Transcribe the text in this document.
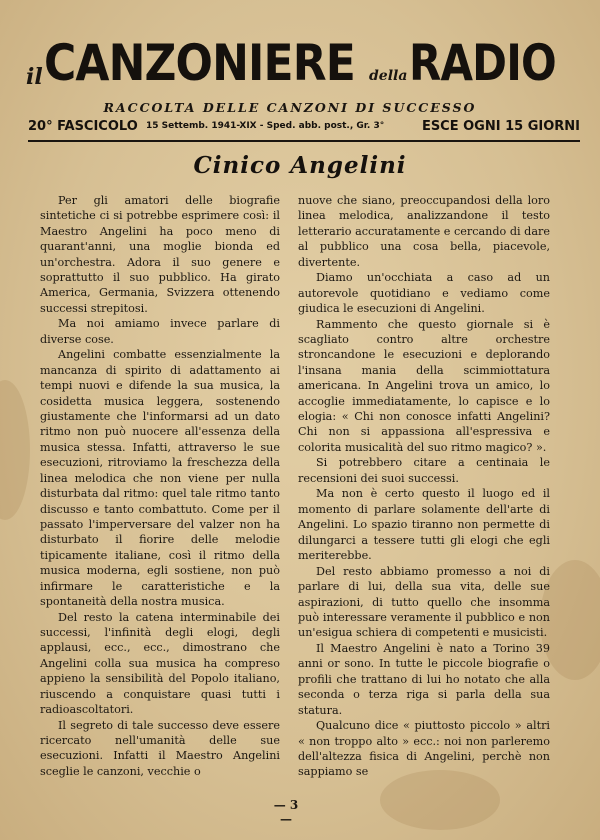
il CANZONIERE della RADIO
RACCOLTA DELLE CANZONI DI SUCCESSO
20° FASCICOLO 15 Settemb. 1941-XIX - Sped. abb. post., Gr. 3°	ESCE OGNI 15 GIORNI
Cinico Angelini

Per gli amatori delle biografie sintetiche ci si potrebbe esprimere così: il Maestro Angelini ha poco meno di quarant'anni, una moglie bionda ed un'orchestra. Adora il suo genere e soprattutto il suo pubblico. Ha girato America, Germania, Svizzera ottenendo successi strepitosi.

Ma noi amiamo invece parlare di diverse cose.

Angelini combatte essenzialmente la mancanza di spirito di adattamento ai tempi nuovi e difende la sua musica, la cosidetta musica leggera, sostenendo giustamente che l'informarsi ad un dato ritmo non può nuocere all'essenza della musica stessa. Infatti, attraverso le sue esecuzioni, ritroviamo la freschezza della linea melodica che non viene per nulla disturbata dal ritmo: quel tale ritmo tanto discusso e tanto combattuto. Come per il passato l'imperversare del valzer non ha disturbato il fiorire delle melodie tipicamente italiane, così il ritmo della musica moderna, egli sostiene, non può infirmare le caratteristiche e la spontaneità della nostra musica.

Del resto la catena interminabile dei successi, l'infinità degli elogi, degli applausi, ecc., ecc., dimostrano che Angelini colla sua musica ha compreso appieno la sensibilità del Popolo italiano, riuscendo a conquistare quasi tutti i radioascoltatori.

Il segreto di tale successo deve essere ricercato nell'umanità delle sue esecuzioni. Infatti il Maestro Angelini sceglie le canzoni, vecchie o

nuove che siano, preoccupandosi della loro linea melodica, analizzandone il testo letterario accuratamente e cercando di dare al pubblico una cosa bella, piacevole, divertente.

Diamo un'occhiata a caso ad un autorevole quotidiano e vediamo come giudica le esecuzioni di Angelini.

Rammento che questo giornale si è scagliato contro altre orchestre stroncandone le esecuzioni e deplorando l'insana mania della scimmiottatura americana. In Angelini trova un amico, lo accoglie immediatamente, lo capisce e lo elogia: « Chi non conosce infatti Angelini? Chi non si appassiona all'espressiva e colorita musicalità del suo ritmo magico? ».

Si potrebbero citare a centinaia le recensioni dei suoi successi.

Ma non è certo questo il luogo ed il momento di parlare solamente dell'arte di Angelini. Lo spazio tiranno non permette di dilungarci a tessere tutti gli elogi che egli meriterebbe.

Del resto abbiamo promesso a noi di parlare di lui, della sua vita, delle sue aspirazioni, di tutto quello che insomma può interessare veramente il pubblico e non un'esigua schiera di competenti e musicisti.

Il Maestro Angelini è nato a Torino 39 anni or sono. In tutte le piccole biografie o profili che trattano di lui ho notato che alla seconda o terza riga si parla della sua statura.

Qualcuno dice « piuttosto piccolo » altri « non troppo alto » ecc.: noi non parleremo dell'altezza fisica di Angelini, perchè non sappiamo se

— 3 —
